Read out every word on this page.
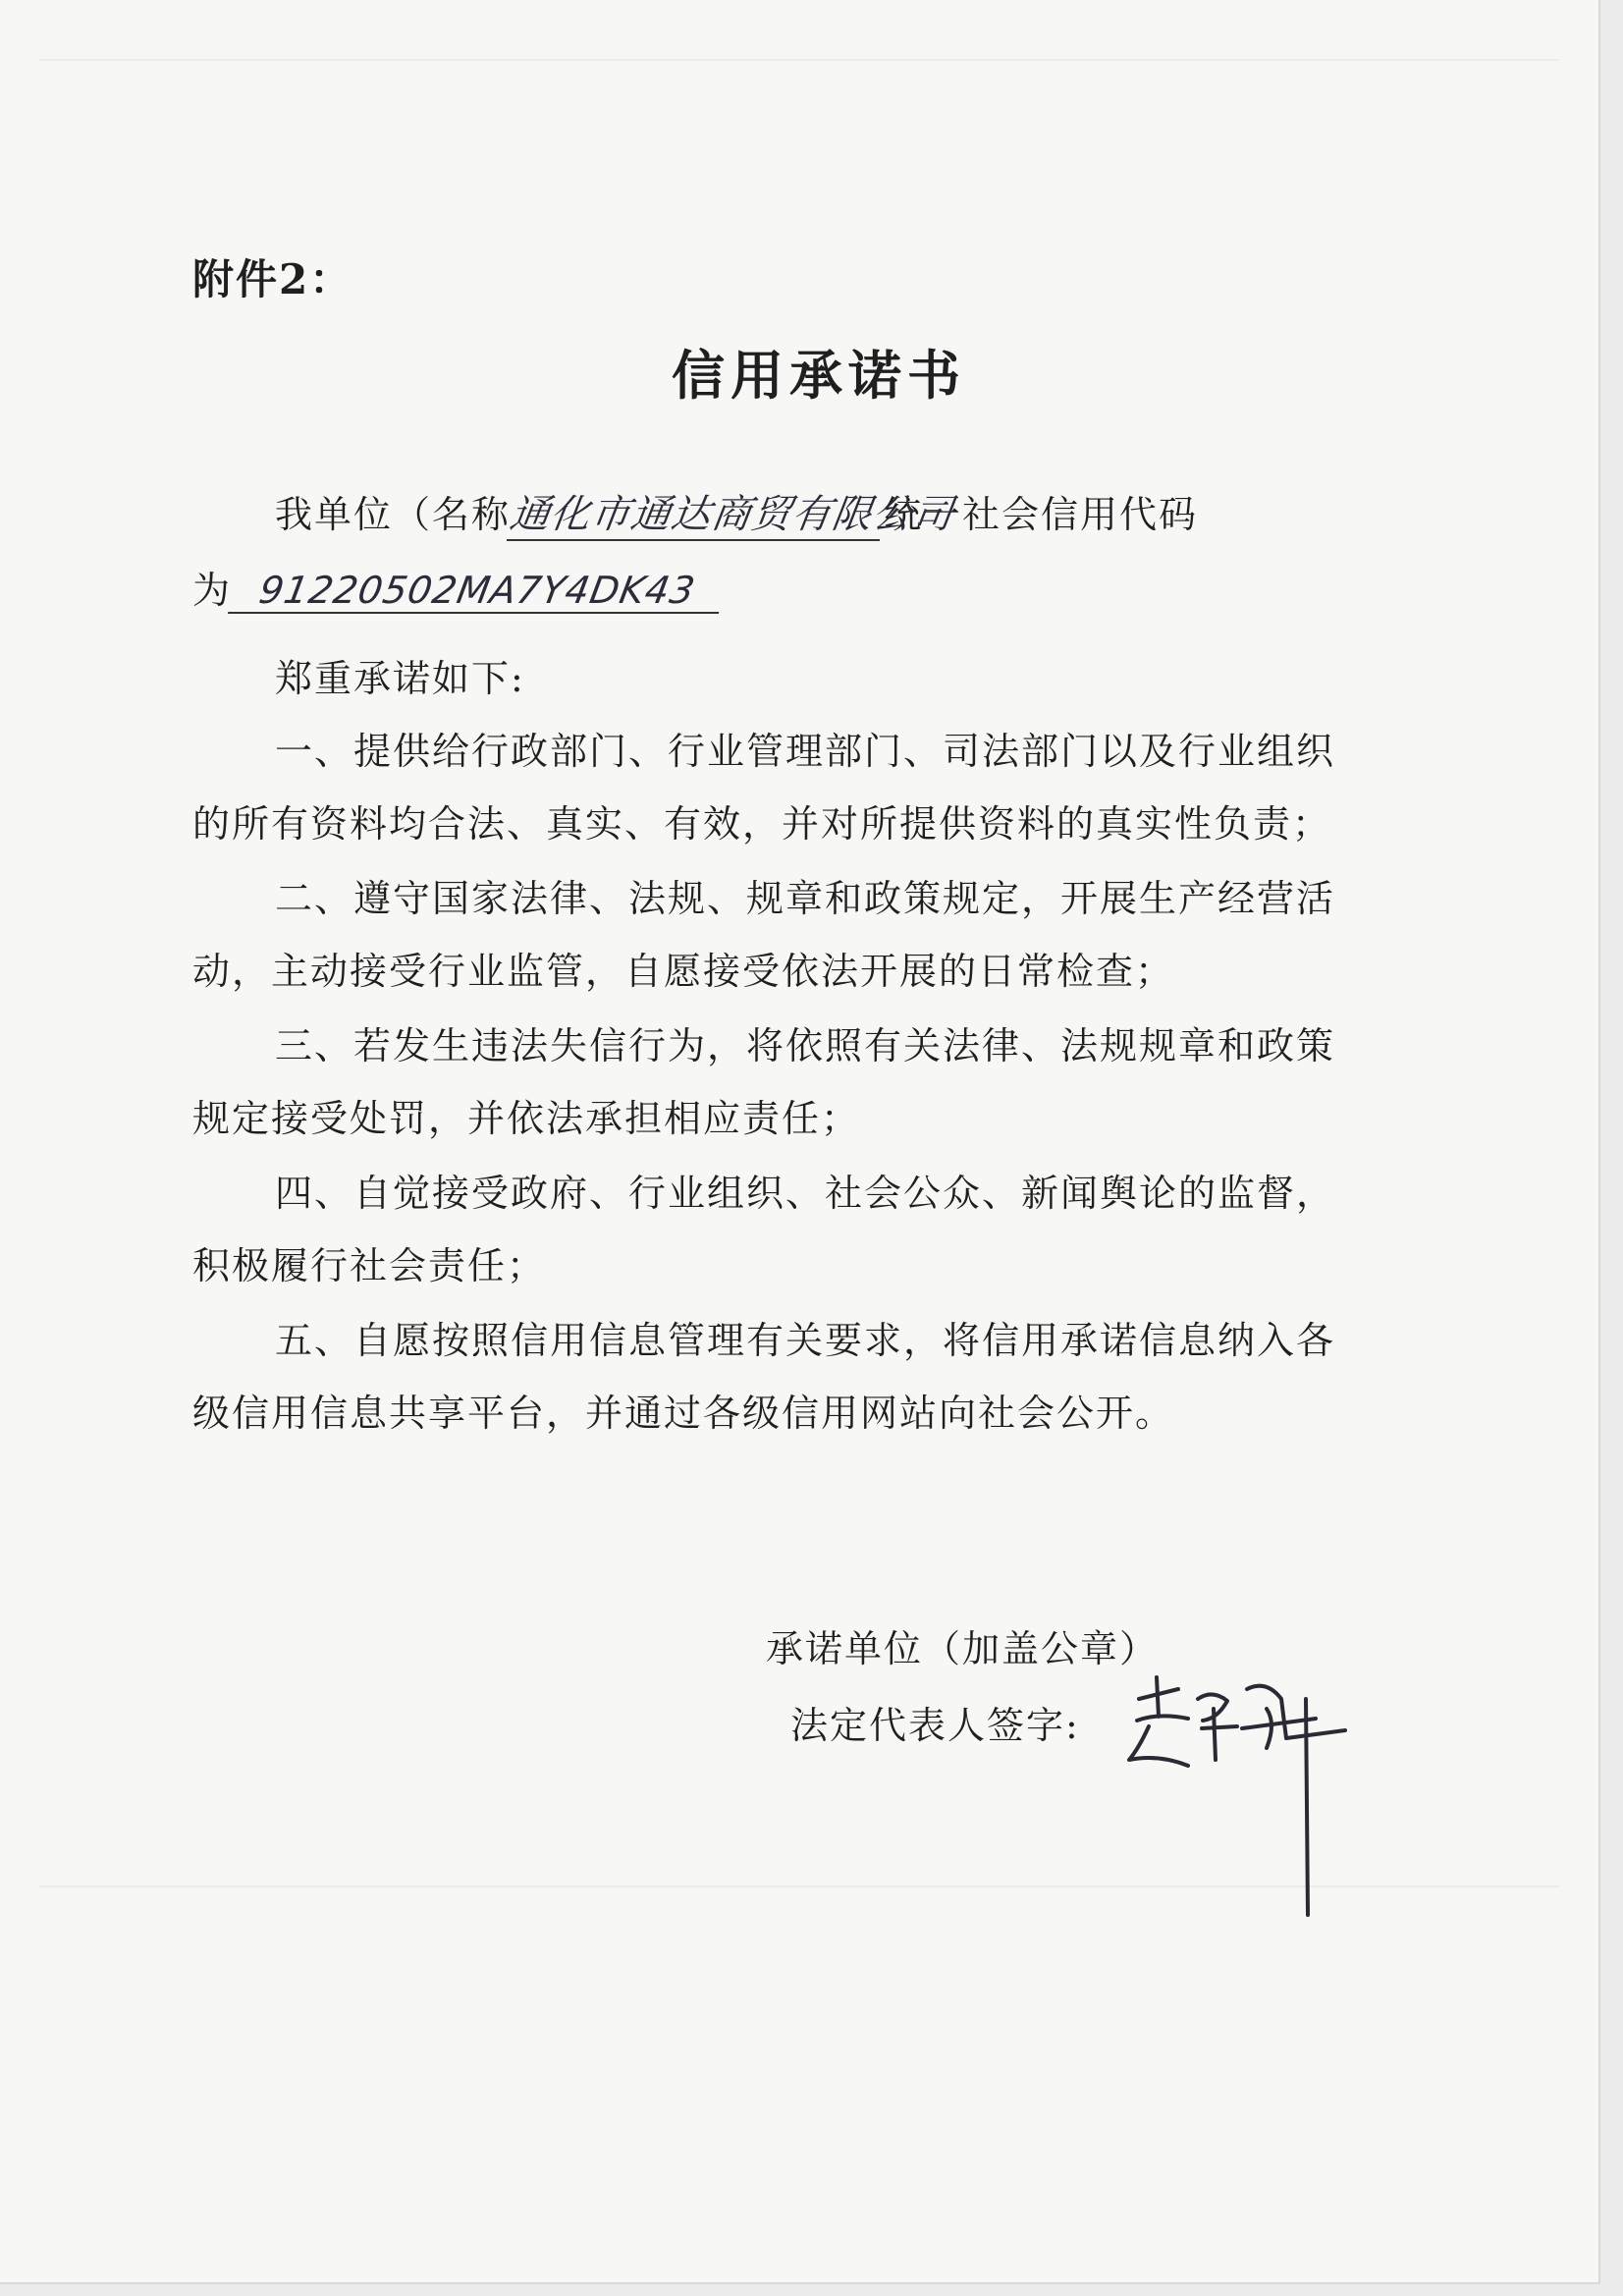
附件2：
信用承诺书
我单位（名称通化市通达商贸有限公司统一社会信用代码
为 91220502MA7Y4DK43
郑重承诺如下:
一、提供给行政部门、行业管理部门、司法部门以及行业组织
的所有资料均合法、真实、有效，并对所提供资料的真实性负责；
二、遵守国家法律、法规、规章和政策规定，开展生产经营活
动，主动接受行业监管，自愿接受依法开展的日常检查；
三、若发生违法失信行为，将依照有关法律、法规规章和政策
规定接受处罚，并依法承担相应责任；
四、自觉接受政府、行业组织、社会公众、新闻舆论的监督，
积极履行社会责任；
五、自愿按照信用信息管理有关要求，将信用承诺信息纳入各
级信用信息共享平台，并通过各级信用网站向社会公开。
承诺单位（加盖公章）
法定代表人签字:
